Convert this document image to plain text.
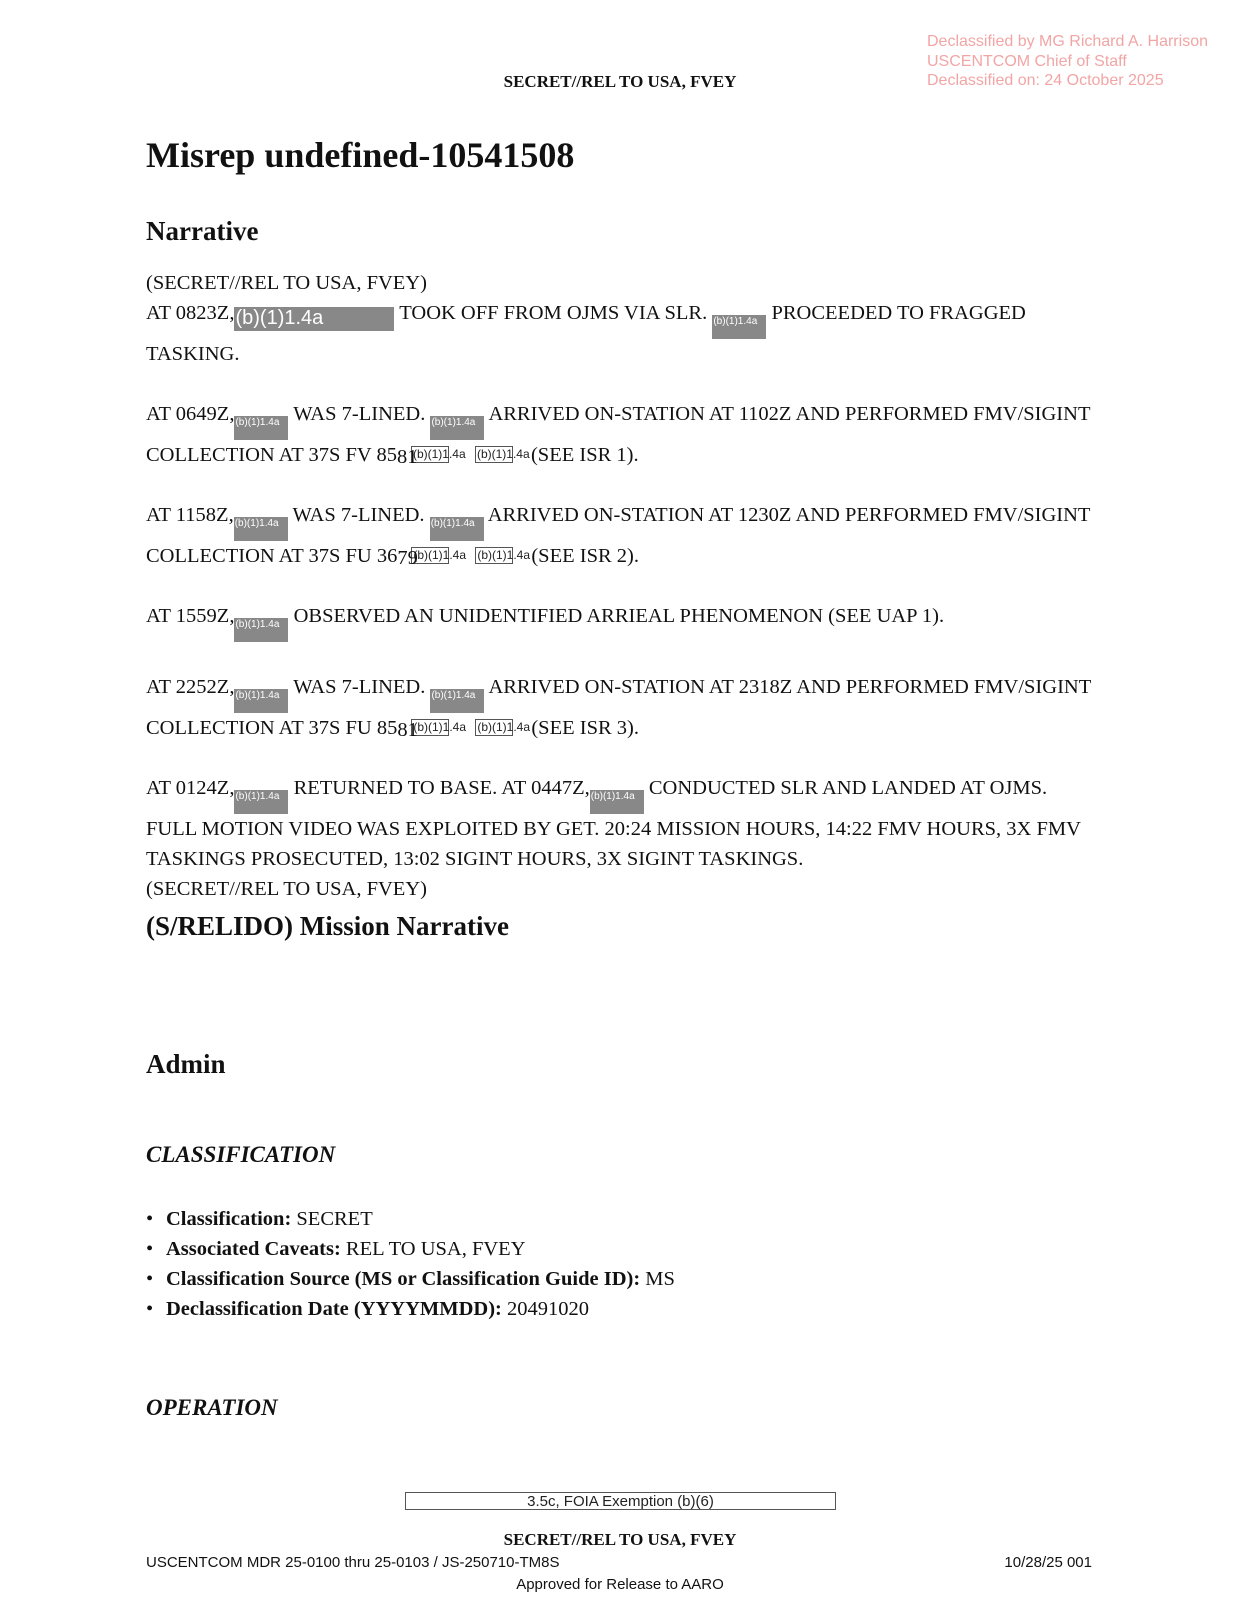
Declassified by MG Richard A. Harrison
USCENTCOM Chief of Staff
Declassified on: 24 October 2025
SECRET//REL TO USA, FVEY
Misrep undefined-10541508
Narrative

(SECRET//REL TO USA, FVEY)
AT 0823Z,(b)(1)1.4a	TOOK OFF FROM OJMS VIA SLR. (b)(1)1.4a PROCEEDED TO FRAGGED TASKING.

AT 0649Z,(b)(1)1.4a WAS 7-LINED. (b)(1)1.4a ARRIVED ON-STATION AT 1102Z AND PERFORMED FMV/SIGINT COLLECTION AT 37S FV 85 (b)(1)1.4a
81	(b)(1)1.4a (SEE ISR 1).

AT 1158Z,(b)(1)1.4a WAS 7-LINED. (b)(1)1.4a ARRIVED ON-STATION AT 1230Z AND PERFORMED FMV/SIGINT COLLECTION AT 37S FU 36 (b)(1)1.4a
79	(b)(1)1.4a (SEE ISR 2).

AT 1559Z,(b)(1)1.4a OBSERVED AN UNIDENTIFIED ARRIEAL PHENOMENON (SEE UAP 1).

AT 2252Z,(b)(1)1.4a WAS 7-LINED. (b)(1)1.4a ARRIVED ON-STATION AT 2318Z AND PERFORMED FMV/SIGINT COLLECTION AT 37S FU 85 (b)(1)1.4a
81	(b)(1)1.4a (SEE ISR 3).

AT 0124Z,(b)(1)1.4a RETURNED TO BASE. AT 0447Z,(b)(1)1.4a CONDUCTED SLR AND LANDED AT OJMS. FULL MOTION VIDEO WAS EXPLOITED BY GET. 20:24 MISSION HOURS, 14:22 FMV HOURS, 3X FMV TASKINGS PROSECUTED, 13:02 SIGINT HOURS, 3X SIGINT TASKINGS.
(SECRET//REL TO USA, FVEY)

(S/RELIDO) Mission Narrative
Admin
CLASSIFICATION
• Classification: SECRET
• Associated Caveats: REL TO USA, FVEY
• Classification Source (MS or Classification Guide ID): MS
• Declassification Date (YYYYMMDD): 20491020
OPERATION
3.5c, FOIA Exemption (b)(6)
SECRET//REL TO USA, FVEY
USCENTCOM MDR 25-0100 thru 25-0103 / JS-250710-TM8S	10/28/25 001
Approved for Release to AARO
